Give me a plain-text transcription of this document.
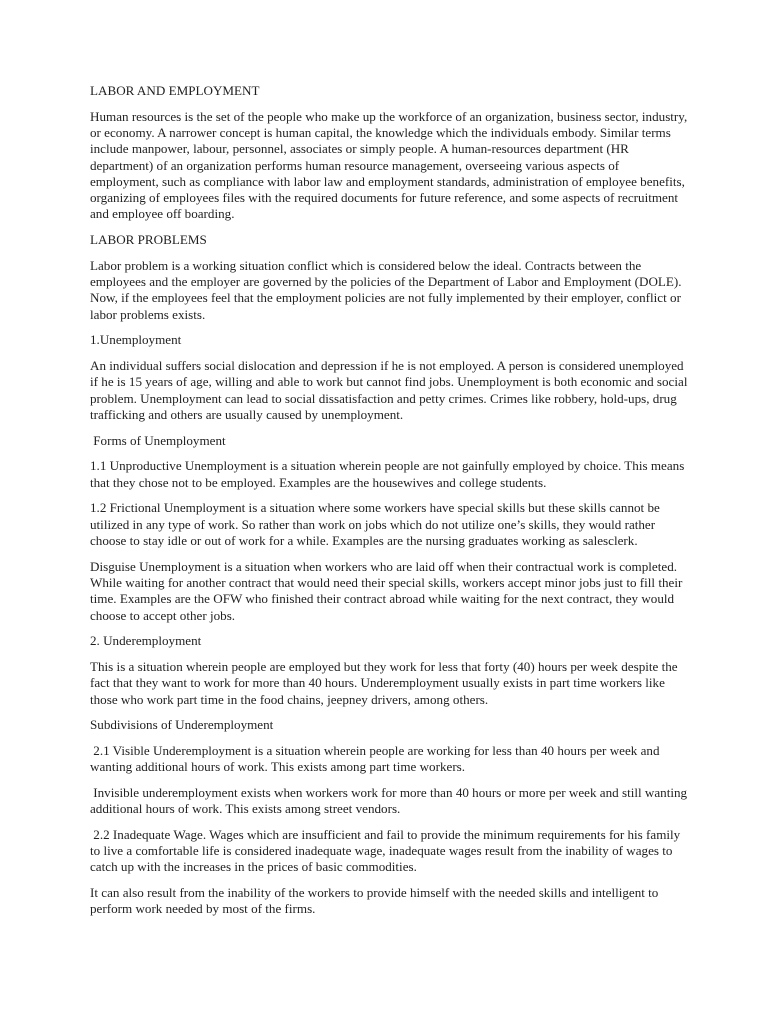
LABOR AND EMPLOYMENT

Human resources is the set of the people who make up the workforce of an organization, business sector, industry, or economy. A narrower concept is human capital, the knowledge which the individuals embody. Similar terms include manpower, labour, personnel, associates or simply people. A human-resources department (HR department) of an organization performs human resource management, overseeing various aspects of employment, such as compliance with labor law and employment standards, administration of employee benefits, organizing of employees files with the required documents for future reference, and some aspects of recruitment and employee off boarding.

LABOR PROBLEMS

Labor problem is a working situation conflict which is considered below the ideal. Contracts between the employees and the employer are governed by the policies of the Department of Labor and Employment (DOLE). Now, if the employees feel that the employment policies are not fully implemented by their employer, conflict or labor problems exists.

1.Unemployment

An individual suffers social dislocation and depression if he is not employed. A person is considered unemployed if he is 15 years of age, willing and able to work but cannot find jobs. Unemployment is both economic and social problem. Unemployment can lead to social dissatisfaction and petty crimes. Crimes like robbery, hold-ups, drug trafficking and others are usually caused by unemployment.

Forms of Unemployment

1.1 Unproductive Unemployment is a situation wherein people are not gainfully employed by choice. This means that they chose not to be employed. Examples are the housewives and college students.

1.2 Frictional Unemployment is a situation where some workers have special skills but these skills cannot be utilized in any type of work. So rather than work on jobs which do not utilize one’s skills, they would rather choose to stay idle or out of work for a while. Examples are the nursing graduates working as salesclerk.

Disguise Unemployment is a situation when workers who are laid off when their contractual work is completed. While waiting for another contract that would need their special skills, workers accept minor jobs just to fill their time. Examples are the OFW who finished their contract abroad while waiting for the next contract, they would choose to accept other jobs.

2. Underemployment

This is a situation wherein people are employed but they work for less that forty (40) hours per week despite the fact that they want to work for more than 40 hours. Underemployment usually exists in part time workers like those who work part time in the food chains, jeepney drivers, among others.

Subdivisions of Underemployment

2.1 Visible Underemployment is a situation wherein people are working for less than 40 hours per week and wanting additional hours of work. This exists among part time workers.

Invisible underemployment exists when workers work for more than 40 hours or more per week and still wanting additional hours of work. This exists among street vendors.

2.2 Inadequate Wage. Wages which are insufficient and fail to provide the minimum requirements for his family to live a comfortable life is considered inadequate wage, inadequate wages result from the inability of wages to catch up with the increases in the prices of basic commodities.

It can also result from the inability of the workers to provide himself with the needed skills and intelligent to perform work needed by most of the firms.
